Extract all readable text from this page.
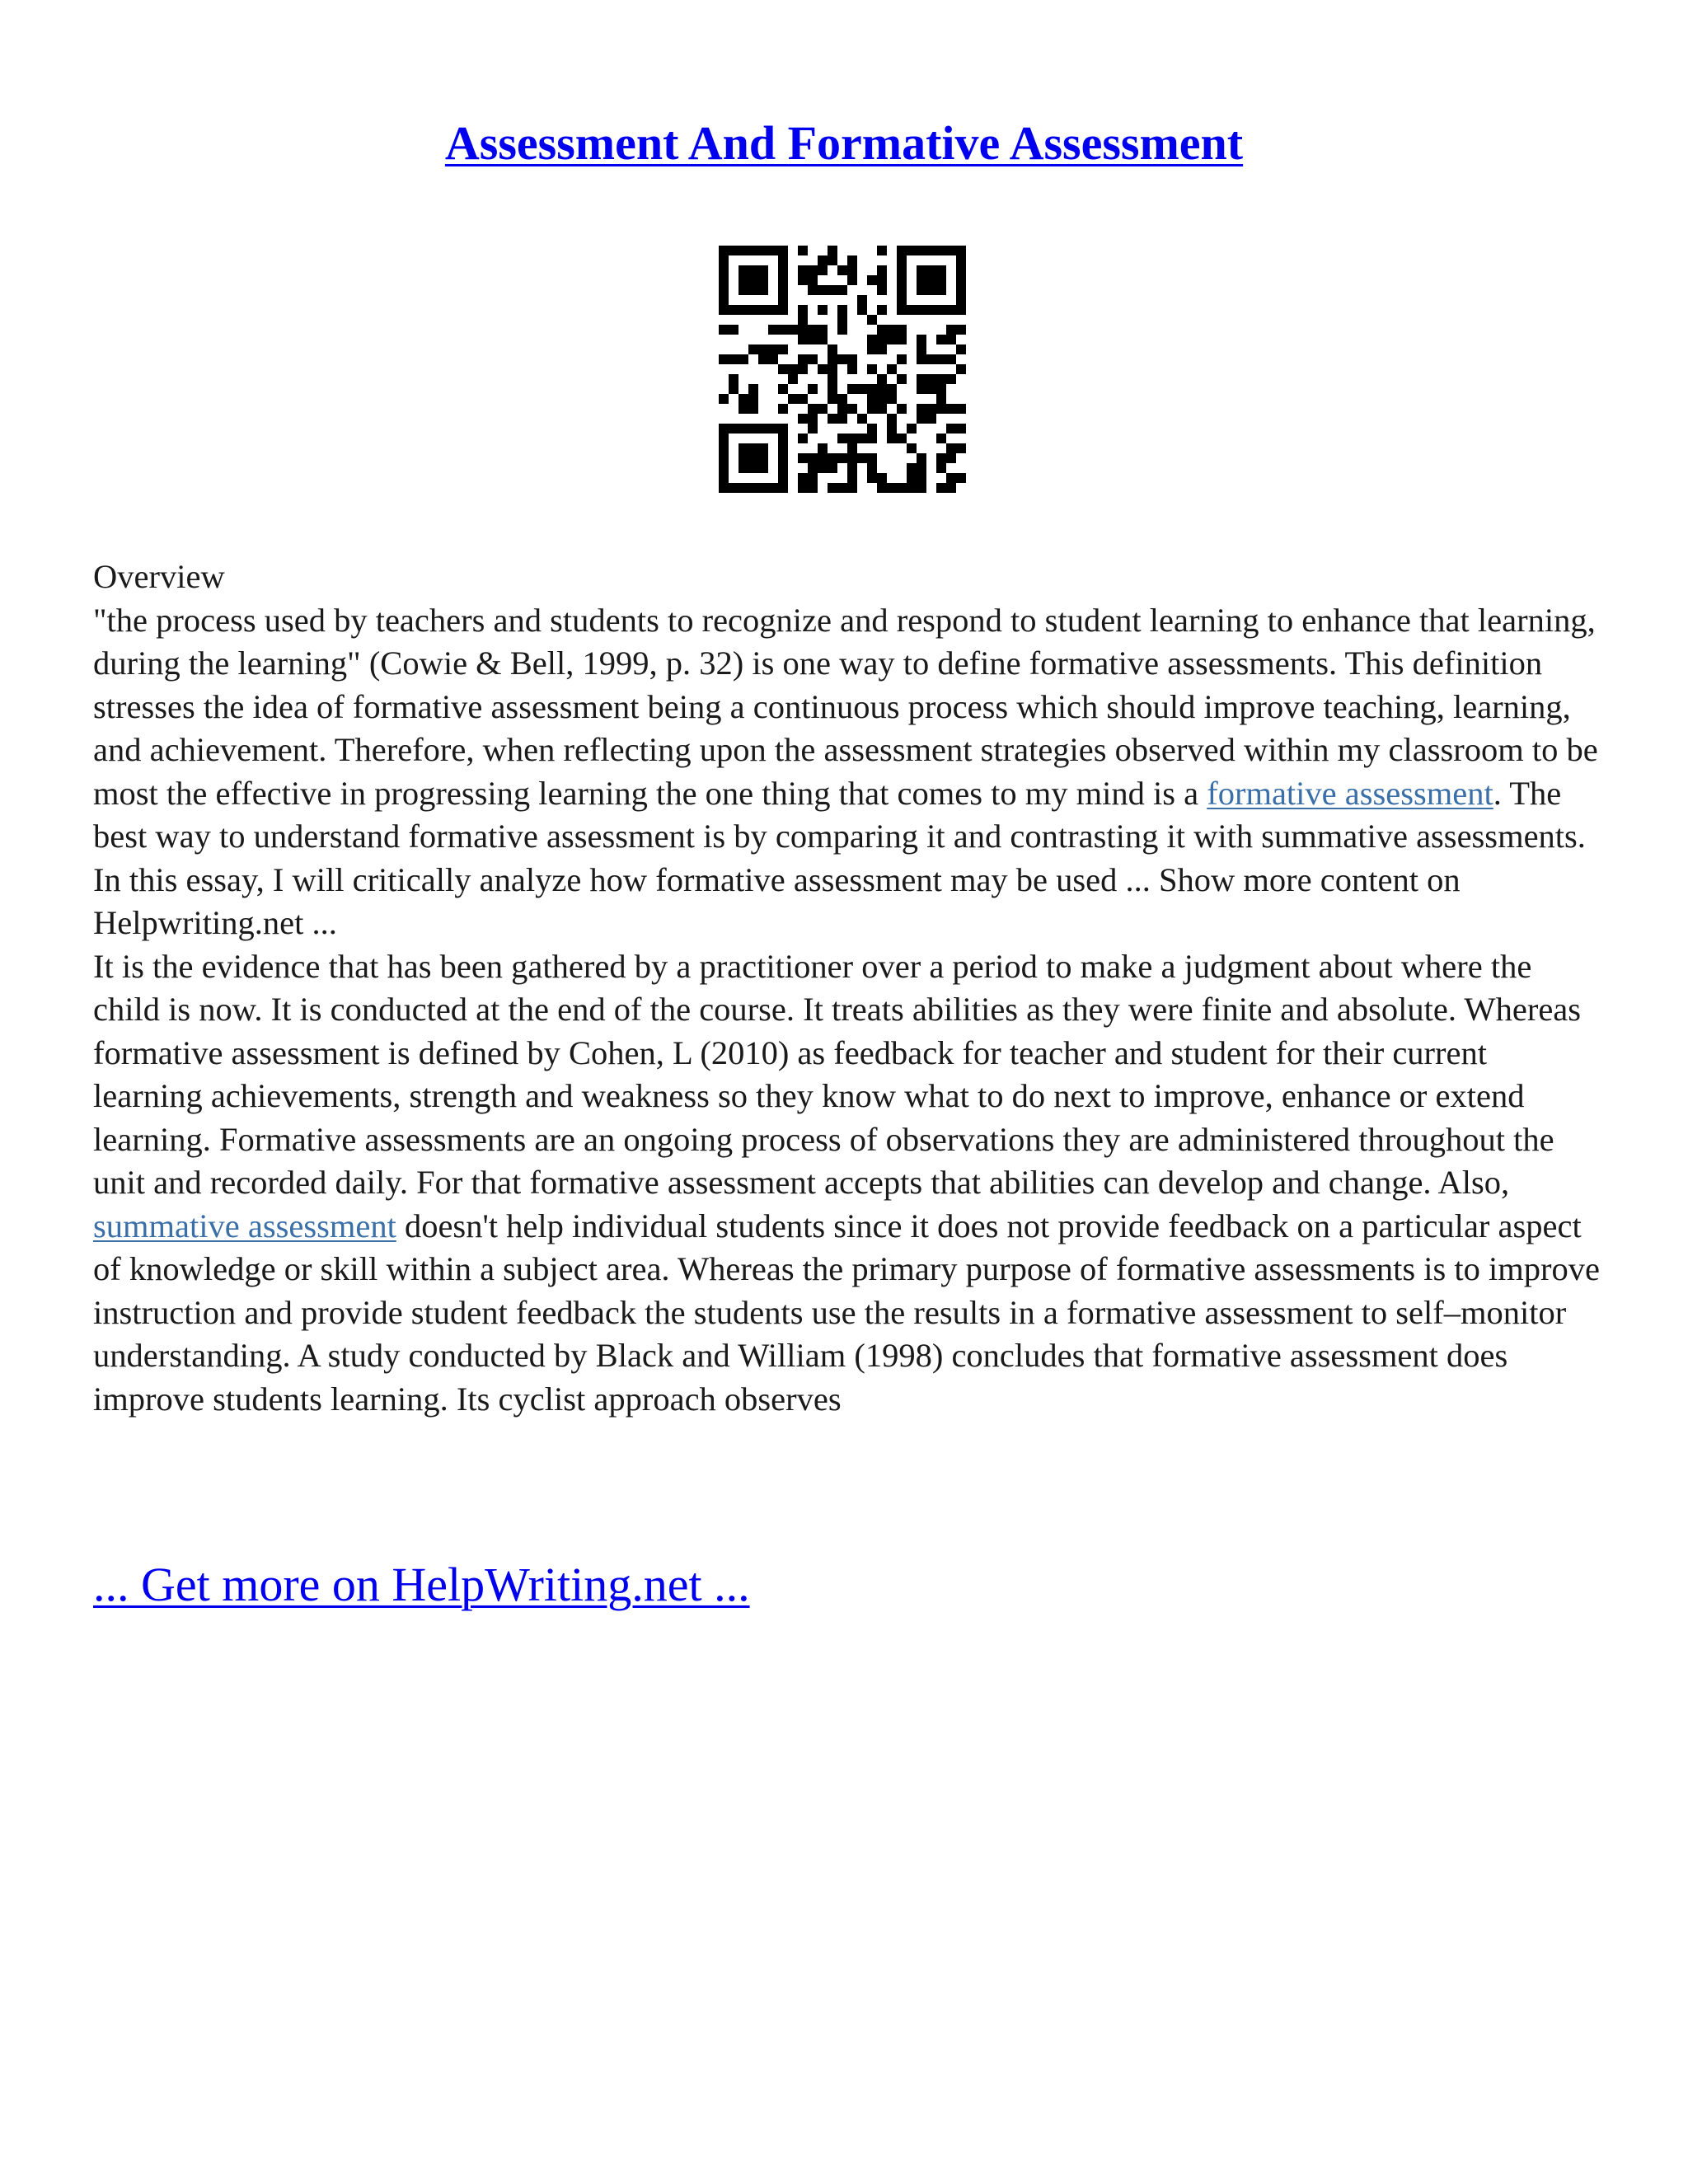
Assessment And Formative Assessment

Overview

"the process used by teachers and students to recognize and respond to student learning to enhance that learning, during the learning" (Cowie & Bell, 1999, p. 32) is one way to define formative assessments. This definition stresses the idea of formative assessment being a continuous process which should improve teaching, learning, and achievement. Therefore, when reflecting upon the assessment strategies observed within my classroom to be most the effective in progressing learning the one thing that comes to my mind is a formative assessment. The best way to understand formative assessment is by comparing it and contrasting it with summative assessments. In this essay, I will critically analyze how formative assessment may be used ... Show more content on Helpwriting.net ...

It is the evidence that has been gathered by a practitioner over a period to make a judgment about where the child is now. It is conducted at the end of the course. It treats abilities as they were finite and absolute. Whereas formative assessment is defined by Cohen, L (2010) as feedback for teacher and student for their current learning achievements, strength and weakness so they know what to do next to improve, enhance or extend learning. Formative assessments are an ongoing process of observations they are administered throughout the unit and recorded daily. For that formative assessment accepts that abilities can develop and change. Also, summative assessment doesn't help individual students since it does not provide feedback on a particular aspect of knowledge or skill within a subject area. Whereas the primary purpose of formative assessments is to improve instruction and provide student feedback the students use the results in a formative assessment to self–monitor understanding. A study conducted by Black and William (1998) concludes that formative assessment does improve students learning. Its cyclist approach observes

... Get more on HelpWriting.net ...
